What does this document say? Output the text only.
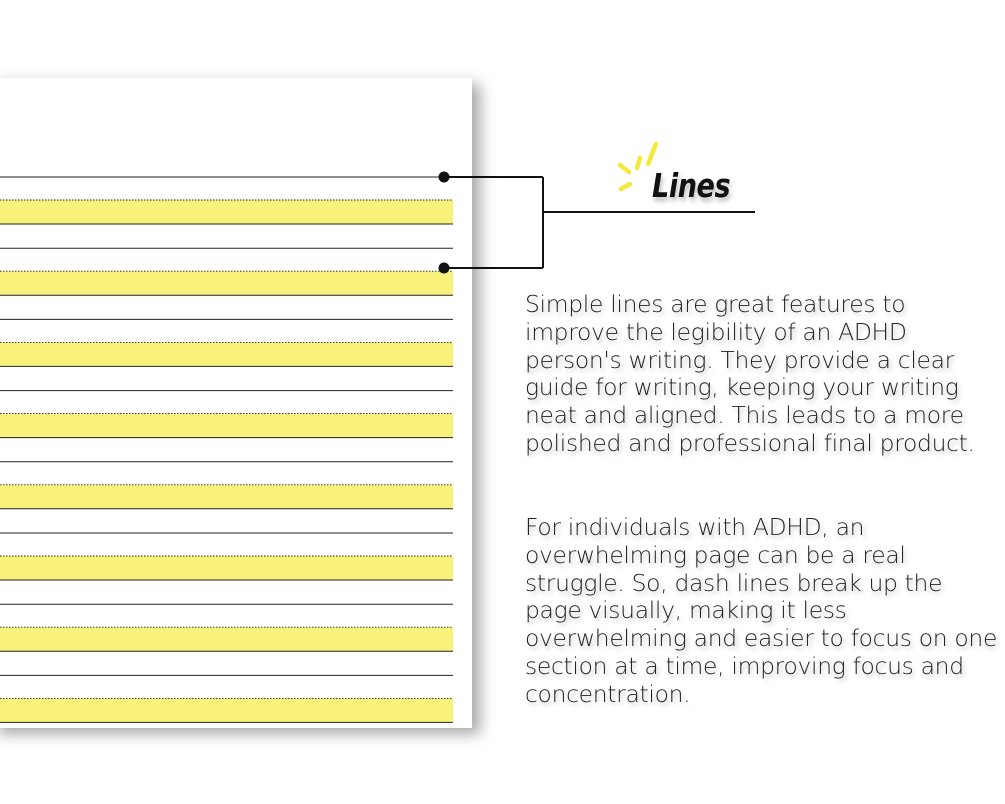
Lines

Simple lines are great features to improve the legibility of an ADHD person's writing. They provide a clear guide for writing, keeping your writing neat and aligned. This leads to a more polished and professional final product.

For individuals with ADHD, an overwhelming page can be a real struggle. So, dash lines break up the page visually, making it less overwhelming and easier to focus on one section at a time, improving focus and concentration.
